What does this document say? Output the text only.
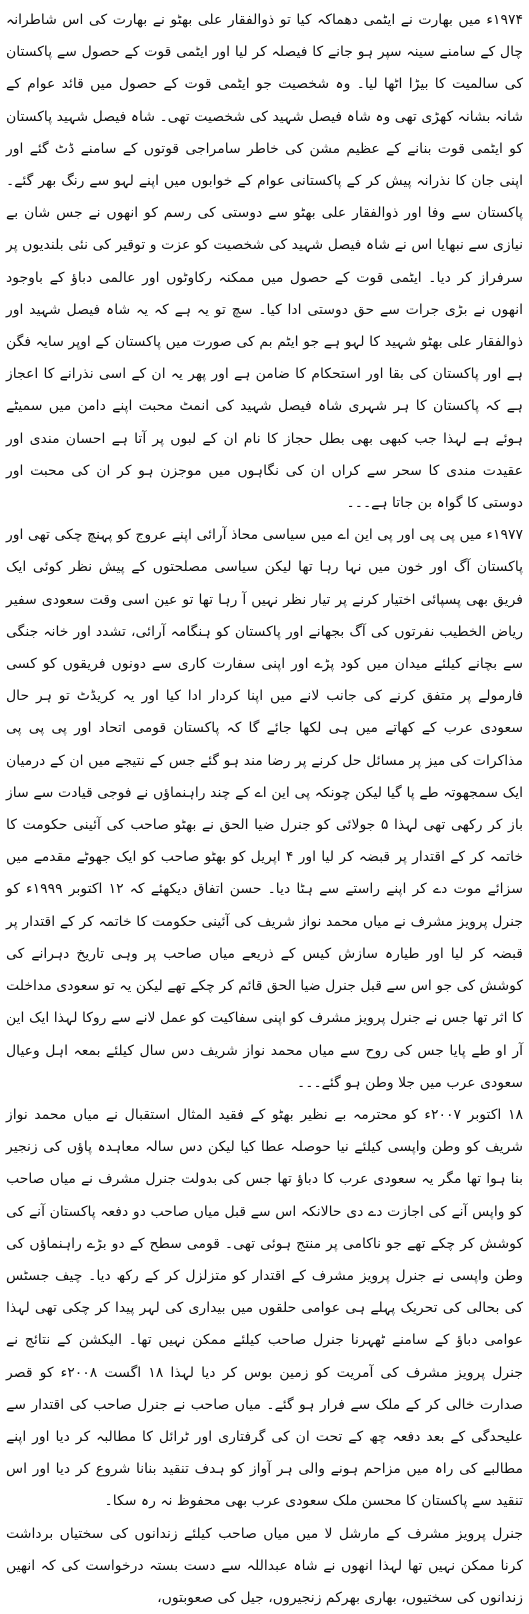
۱۹۷۴ء میں بھارت نے ایٹمی دھماکہ کیا تو ذوالفقار علی بھٹو نے بھارت کی اس شاطرانہ چال کے سامنے سینہ سپر ہو جانے کا فیصلہ کر لیا اور ایٹمی قوت کے حصول سے پاکستان کی سالمیت کا بیڑا اٹھا لیا۔ وہ شخصیت جو ایٹمی قوت کے حصول میں قائد عوام کے شانہ بشانہ کھڑی تھی وہ شاہ فیصل شہید کی شخصیت تھی۔ شاہ فیصل شہید پاکستان کو ایٹمی قوت بنانے کے عظیم مشن کی خاطر سامراجی قوتوں کے سامنے ڈٹ گئے اور اپنی جان کا نذرانہ پیش کر کے پاکستانی عوام کے خوابوں میں اپنے لہو سے رنگ بھر گئے۔ پاکستان سے وفا اور ذوالفقار علی بھٹو سے دوستی کی رسم کو انھوں نے جس شان بے نیازی سے نبھایا اس نے شاہ فیصل شہید کی شخصیت کو عزت و توقیر کی نئی بلندیوں پر سرفراز کر دیا۔ ایٹمی قوت کے حصول میں ممکنہ رکاوٹوں اور عالمی دباؤ کے باوجود انھوں نے بڑی جرات سے حق دوستی ادا کیا۔ سچ تو یہ ہے کہ یہ شاہ فیصل شہید اور ذوالفقار علی بھٹو شہید کا لہو ہے جو ایٹم بم کی صورت میں پاکستان کے اوپر سایہ فگن ہے اور پاکستان کی بقا اور استحکام کا ضامن ہے اور پھر یہ ان کے اسی نذرانے کا اعجاز ہے کہ پاکستان کا ہر شہری شاہ فیصل شہید کی انمٹ محبت اپنے دامن میں سمیٹے ہوئے ہے لہذا جب کبھی بھی بطل حجاز کا نام ان کے لبوں پر آتا ہے احسان مندی اور عقیدت مندی کا سحر سے کراں ان کی نگاہوں میں موجزن ہو کر ان کی محبت اور دوستی کا گواہ بن جاتا ہے۔۔۔

۱۹۷۷ء میں پی پی اور پی این اے میں سیاسی محاذ آرائی اپنے عروج کو پہنچ چکی تھی اور پاکستان آگ اور خون میں نہا رہا تھا لیکن سیاسی مصلحتوں کے پیش نظر کوئی ایک فریق بھی پسپائی اختیار کرنے پر تیار نظر نہیں آ رہا تھا تو عین اسی وقت سعودی سفیر ریاض الخطیب نفرتوں کی آگ بجھانے اور پاکستان کو ہنگامہ آرائی، تشدد اور خانہ جنگی سے بچانے کیلئے میدان میں کود پڑے اور اپنی سفارت کاری سے دونوں فریقوں کو کسی فارمولے پر متفق کرنے کی جانب لانے میں اپنا کردار ادا کیا اور یہ کریڈٹ تو ہر حال سعودی عرب کے کھاتے میں ہی لکھا جائے گا کہ پاکستان قومی اتحاد اور پی پی پی مذاکرات کی میز پر مسائل حل کرنے پر رضا مند ہو گئے جس کے نتیجے میں ان کے درمیان ایک سمجھوتہ طے پا گیا لیکن چونکہ پی این اے کے چند راہنماؤں نے فوجی قیادت سے ساز باز کر رکھی تھی لہذا ۵ جولائی کو جنرل ضیا الحق نے بھٹو صاحب کی آئینی حکومت کا خاتمہ کر کے اقتدار پر قبضہ کر لیا اور ۴ اپریل کو بھٹو صاحب کو ایک جھوٹے مقدمے میں سزائے موت دے کر اپنے راستے سے ہٹا دیا۔ حسن اتفاق دیکھئے کہ ۱۲ اکتوبر ۱۹۹۹ء کو جنرل پرویز مشرف نے میاں محمد نواز شریف کی آئینی حکومت کا خاتمہ کر کے اقتدار پر قبضہ کر لیا اور طیارہ سازش کیس کے ذریعے میاں صاحب پر وہی تاریخ دہرانے کی کوشش کی جو اس سے قبل جنرل ضیا الحق قائم کر چکے تھے لیکن یہ تو سعودی مداخلت کا اثر تھا جس نے جنرل پرویز مشرف کو اپنی سفاکیت کو عمل لانے سے روکا لہذا ایک این آر او طے پایا جس کی روح سے میاں محمد نواز شریف دس سال کیلئے بمعہ اہل وعیال سعودی عرب میں جلا وطن ہو گئے۔۔۔

۱۸ اکتوبر ۲۰۰۷ء کو محترمہ بے نظیر بھٹو کے فقید المثال استقبال نے میاں محمد نواز شریف کو وطن واپسی کیلئے نیا حوصلہ عطا کیا لیکن دس سالہ معاہدہ پاؤں کی زنجیر بنا ہوا تھا مگر یہ سعودی عرب کا دباؤ تھا جس کی بدولت جنرل مشرف نے میاں صاحب کو واپس آنے کی اجازت دے دی حالانکہ اس سے قبل میاں صاحب دو دفعہ پاکستان آنے کی کوشش کر چکے تھے جو ناکامی پر منتج ہوئی تھی۔ قومی سطح کے دو بڑے راہنماؤں کی وطن واپسی نے جنرل پرویز مشرف کے اقتدار کو متزلزل کر کے رکھ دیا۔ چیف جسٹس کی بحالی کی تحریک پہلے ہی عوامی حلقوں میں بیداری کی لہر پیدا کر چکی تھی لہذا عوامی دباؤ کے سامنے ٹھہرنا جنرل صاحب کیلئے ممکن نہیں تھا۔ الیکشن کے نتائج نے جنرل پرویز مشرف کی آمریت کو زمین بوس کر دیا لہذا ۱۸ اگست ۲۰۰۸ء کو قصر صدارت خالی کر کے ملک سے فرار ہو گئے۔ میاں صاحب نے جنرل صاحب کی اقتدار سے علیحدگی کے بعد دفعہ چھ کے تحت ان کی گرفتاری اور ٹرائل کا مطالبہ کر دیا اور اپنے مطالبے کی راہ میں مزاحم ہونے والی ہر آواز کو ہدف تنقید بنانا شروع کر دیا اور اس تنقید سے پاکستان کا محسن ملک سعودی عرب بھی محفوظ نہ رہ سکا۔

جنرل پرویز مشرف کے مارشل لا میں میاں صاحب کیلئے زندانوں کی سختیاں برداشت کرنا ممکن نہیں تھا لہذا انھوں نے شاہ عبداللہ سے دست بستہ درخواست کی کہ انھیں زندانوں کی سختیوں، بھاری بھرکم زنجیروں، جیل کی صعوبتوں،
